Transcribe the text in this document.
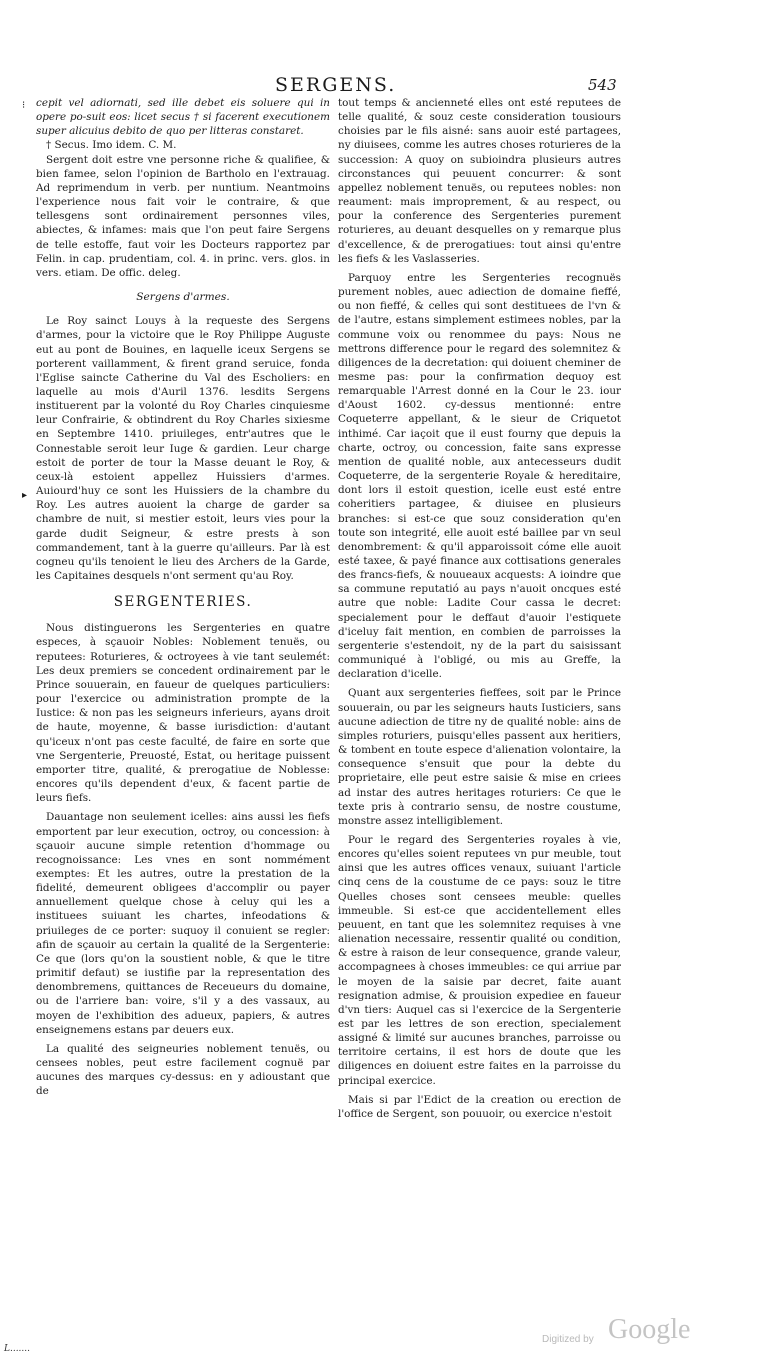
SERGENS.	543
⁝
▸

cepit vel adiornati, sed ille debet eis soluere qui in opere po-suit eos: licet secus † si facerent executionem super alicuius debito de quo per litteras constaret.

† Secus. Imo idem. C. M.

Sergent doit estre vne personne riche & qualifiee, & bien famee, selon l'opinion de Bartholo en l'extrauag. Ad reprimendum in verb. per nuntium. Neantmoins l'experience nous fait voir le contraire, & que tellesgens sont ordinairement personnes viles, abiectes, & infames: mais que l'on peut faire Sergens de telle estoffe, faut voir les Docteurs rapportez par Felin. in cap. prudentiam, col. 4. in princ. vers. glos. in vers. etiam. De offic. deleg.

Sergens d'armes.

Le Roy sainct Louys à la requeste des Sergens d'armes, pour la victoire que le Roy Philippe Auguste eut au pont de Bouines, en laquelle iceux Sergens se porterent vaillamment, & firent grand seruice, fonda l'Eglise saincte Catherine du Val des Escholiers: en laquelle au mois d'Auril 1376. lesdits Sergens instituerent par la volonté du Roy Charles cinquiesme leur Confrairie, & obtindrent du Roy Charles sixiesme en Septembre 1410. priuileges, entr'autres que le Connestable seroit leur Iuge & gardien. Leur charge estoit de porter de tour la Masse deuant le Roy, & ceux-là estoient appellez Huissiers d'armes. Auiourd'huy ce sont les Huissiers de la chambre du Roy. Les autres auoient la charge de garder sa chambre de nuit, si mestier estoit, leurs vies pour la garde dudit Seigneur, & estre prests à son commandement, tant à la guerre qu'ailleurs. Par là est cogneu qu'ils tenoient le lieu des Archers de la Garde, les Capitaines desquels n'ont serment qu'au Roy.

SERGENTERIES.

Nous distinguerons les Sergenteries en quatre especes, à sçauoir Nobles: Noblement tenuës, ou reputees: Roturieres, & octroyees à vie tant seulemét: Les deux premiers se concedent ordinairement par le Prince souuerain, en faueur de quelques particuliers: pour l'exercice ou administration prompte de la Iustice: & non pas les seigneurs inferieurs, ayans droit de haute, moyenne, & basse iurisdiction: d'autant qu'iceux n'ont pas ceste faculté, de faire en sorte que vne Sergenterie, Preuosté, Estat, ou heritage puissent emporter titre, qualité, & prerogatiue de Noblesse: encores qu'ils dependent d'eux, & facent partie de leurs fiefs.

Dauantage non seulement icelles: ains aussi les fiefs emportent par leur execution, octroy, ou concession: à sçauoir aucune simple retention d'hommage ou recognoissance: Les vnes en sont nommément exemptes: Et les autres, outre la prestation de la fidelité, demeurent obligees d'accomplir ou payer annuellement quelque chose à celuy qui les a instituees suiuant les chartes, infeodations & priuileges de ce porter: suquoy il conuient se regler: afin de sçauoir au certain la qualité de la Sergenterie: Ce que (lors qu'on la soustient noble, & que le titre primitif defaut) se iustifie par la representation des denombremens, quittances de Receueurs du domaine, ou de l'arriere ban: voire, s'il y a des vassaux, au moyen de l'exhibition des adueux, papiers, & autres enseignemens estans par deuers eux.

La qualité des seigneuries noblement tenuës, ou censees nobles, peut estre facilement cognuë par aucunes des marques cy-dessus: en y adioustant que de

tout temps & ancienneté elles ont esté reputees de telle qualité, & souz ceste consideration tousiours choisies par le fils aisné: sans auoir esté partagees, ny diuisees, comme les autres choses roturieres de la succession: A quoy on subioindra plusieurs autres circonstances qui peuuent concurrer: & sont appellez noblement tenuës, ou reputees nobles: non reaument: mais improprement, & au respect, ou pour la conference des Sergenteries purement roturieres, au deuant desquelles on y remarque plus d'excellence, & de prerogatiues: tout ainsi qu'entre les fiefs & les Vaslasseries.

Parquoy entre les Sergenteries recognuës purement nobles, auec adiection de domaine fieffé, ou non fieffé, & celles qui sont destituees de l'vn & de l'autre, estans simplement estimees nobles, par la commune voix ou renommee du pays: Nous ne mettrons difference pour le regard des solemnitez & diligences de la decretation: qui doiuent cheminer de mesme pas: pour la confirmation dequoy est remarquable l'Arrest donné en la Cour le 23. iour d'Aoust 1602. cy-dessus mentionné: entre Coqueterre appellant, & le sieur de Criquetot inthimé. Car iaçoit que il eust fourny que depuis la charte, octroy, ou concession, faite sans expresse mention de qualité noble, aux antecesseurs dudit Coqueterre, de la sergenterie Royale & hereditaire, dont lors il estoit question, icelle eust esté entre coheritiers partagee, & diuisee en plusieurs branches: si est-ce que souz consideration qu'en toute son integrité, elle auoit esté baillee par vn seul denombrement: & qu'il apparoissoit cóme elle auoit esté taxee, & payé finance aux cottisations generales des francs-fiefs, & nouueaux acquests: A ioindre que sa commune reputatió au pays n'auoit oncques esté autre que noble: Ladite Cour cassa le decret: specialement pour le deffaut d'auoir l'estiquete d'iceluy fait mention, en combien de parroisses la sergenterie s'estendoit, ny de la part du saisissant communiqué à l'obligé, ou mis au Greffe, la declaration d'icelle.

Quant aux sergenteries fieffees, soit par le Prince souuerain, ou par les seigneurs hauts Iusticiers, sans aucune adiection de titre ny de qualité noble: ains de simples roturiers, puisqu'elles passent aux heritiers, & tombent en toute espece d'alienation volontaire, la consequence s'ensuit que pour la debte du proprietaire, elle peut estre saisie & mise en criees ad instar des autres heritages roturiers: Ce que le texte pris à contrario sensu, de nostre coustume, monstre assez intelligiblement.

Pour le regard des Sergenteries royales à vie, encores qu'elles soient reputees vn pur meuble, tout ainsi que les autres offices venaux, suiuant l'article cinq cens de la coustume de ce pays: souz le titre Quelles choses sont censees meuble: quelles immeuble. Si est-ce que accidentellement elles peuuent, en tant que les solemnitez requises à vne alienation necessaire, ressentir qualité ou condition, & estre à raison de leur consequence, grande valeur, accompagnees à choses immeubles: ce qui arriue par le moyen de la saisie par decret, faite auant resignation admise, & prouision expediee en faueur d'vn tiers: Auquel cas si l'exercice de la Sergenterie est par les lettres de son erection, specialement assigné & limité sur aucunes branches, parroisse ou territoire certains, il est hors de doute que les diligences en doiuent estre faites en la parroisse du principal exercice.

Mais si par l'Edict de la creation ou erection de l'office de Sergent, son pouuoir, ou exercice n'estoit

L.......
Digitized by Google
